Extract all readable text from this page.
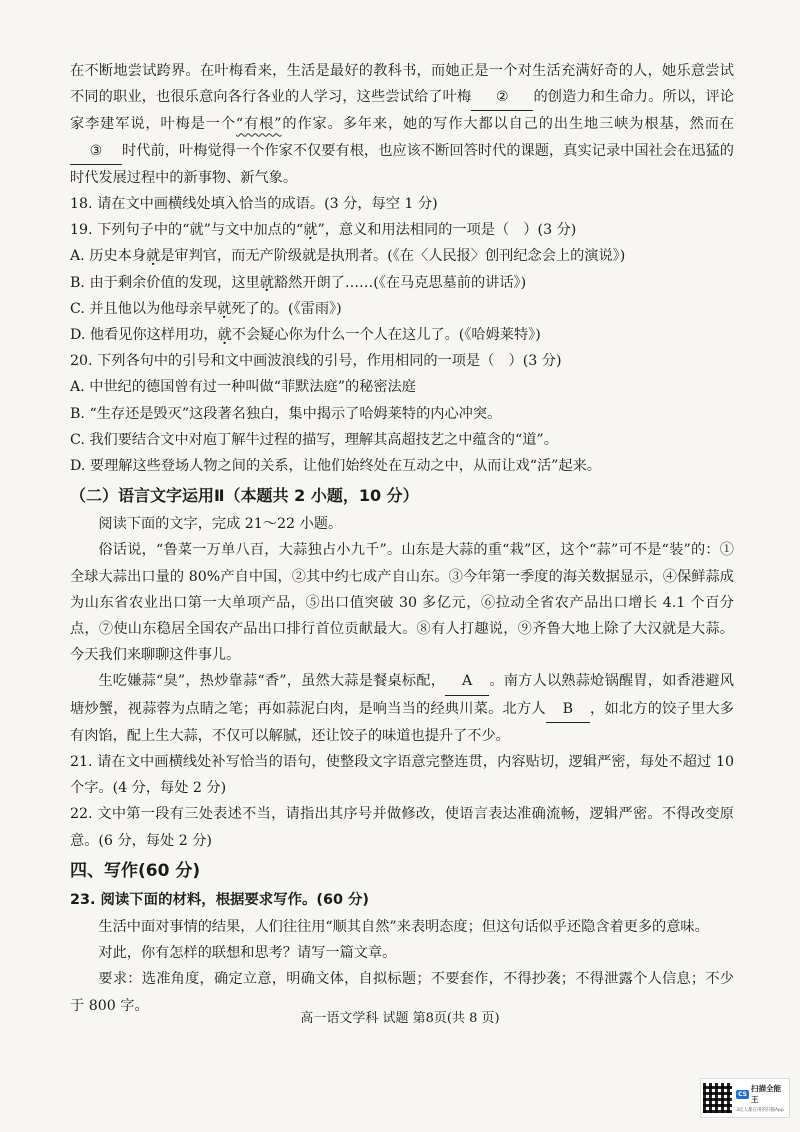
在不断地尝试跨界。在叶梅看来，生活是最好的教科书，而她正是一个对生活充满好奇的人，她乐意尝试不同的职业，也很乐意向各行各业的人学习，这些尝试给了叶梅 ② 的创造力和生命力。所以，评论家李建军说，叶梅是一个“有根”的作家。多年来，她的写作大都以自己的出生地三峡为根基，然而在③ 时代前，叶梅觉得一个作家不仅要有根，也应该不断回答时代的课题，真实记录中国社会在迅猛的时代发展过程中的新事物、新气象。

18. 请在文中画横线处填入恰当的成语。(3 分，每空 1 分)

19. 下列句子中的“就”与文中加点的“就”，意义和用法相同的一项是（　）(3 分)

A. 历史本身就是审判官，而无产阶级就是执刑者。(《在〈人民报〉创刊纪念会上的演说》)

B. 由于剩余价值的发现，这里就豁然开朗了……(《在马克思墓前的讲话》)

C. 并且他以为他母亲早就死了的。(《雷雨》)

D. 他看见你这样用功，就不会疑心你为什么一个人在这儿了。(《哈姆莱特》)

20. 下列各句中的引号和文中画波浪线的引号，作用相同的一项是（　）(3 分)

A. 中世纪的德国曾有过一种叫做“菲默法庭”的秘密法庭

B. “生存还是毁灭”这段著名独白，集中揭示了哈姆莱特的内心冲突。

C. 我们要结合文中对庖丁解牛过程的描写，理解其高超技艺之中蕴含的“道”。

D. 要理解这些登场人物之间的关系，让他们始终处在互动之中，从而让戏“活”起来。

（二）语言文字运用Ⅱ（本题共 2 小题，10 分）

阅读下面的文字，完成 21～22 小题。

俗话说，“鲁菜一万单八百，大蒜独占小九千”。山东是大蒜的重“栽”区，这个“蒜”可不是“装”的：①全球大蒜出口量的 80%产自中国，②其中约七成产自山东。③今年第一季度的海关数据显示，④保鲜蒜成为山东省农业出口第一大单项产品，⑤出口值突破 30 多亿元，⑥拉动全省农产品出口增长 4.1 个百分点，⑦使山东稳居全国农产品出口排行首位贡献最大。⑧有人打趣说，⑨齐鲁大地上除了大汉就是大蒜。今天我们来聊聊这件事儿。

生吃嫌蒜“臭”，热炒靠蒜“香”，虽然大蒜是餐桌标配， A 。南方人以熟蒜炝锅醒胃，如香港避风塘炒蟹，视蒜蓉为点睛之笔；再如蒜泥白肉，是响当当的经典川菜。北方人 B ，如北方的饺子里大多有肉馅，配上生大蒜，不仅可以解腻，还让饺子的味道也提升了不少。

21. 请在文中画横线处补写恰当的语句，使整段文字语意完整连贯，内容贴切，逻辑严密，每处不超过 10 个字。(4 分，每处 2 分)

22. 文中第一段有三处表述不当，请指出其序号并做修改，使语言表达准确流畅，逻辑严密。不得改变原意。(6 分，每处 2 分)

四、写作(60 分)

23. 阅读下面的材料，根据要求写作。(60 分)

生活中面对事情的结果，人们往往用“顺其自然”来表明态度；但这句话似乎还隐含着更多的意味。

对此，你有怎样的联想和思考？请写一篇文章。

要求：选准角度，确定立意，明确文体，自拟标题；不要套作，不得抄袭；不得泄露个人信息；不少于 800 字。

高一语文学科 试题 第8页(共 8 页)
CS
扫描全能王
3亿人都在用的扫描App
